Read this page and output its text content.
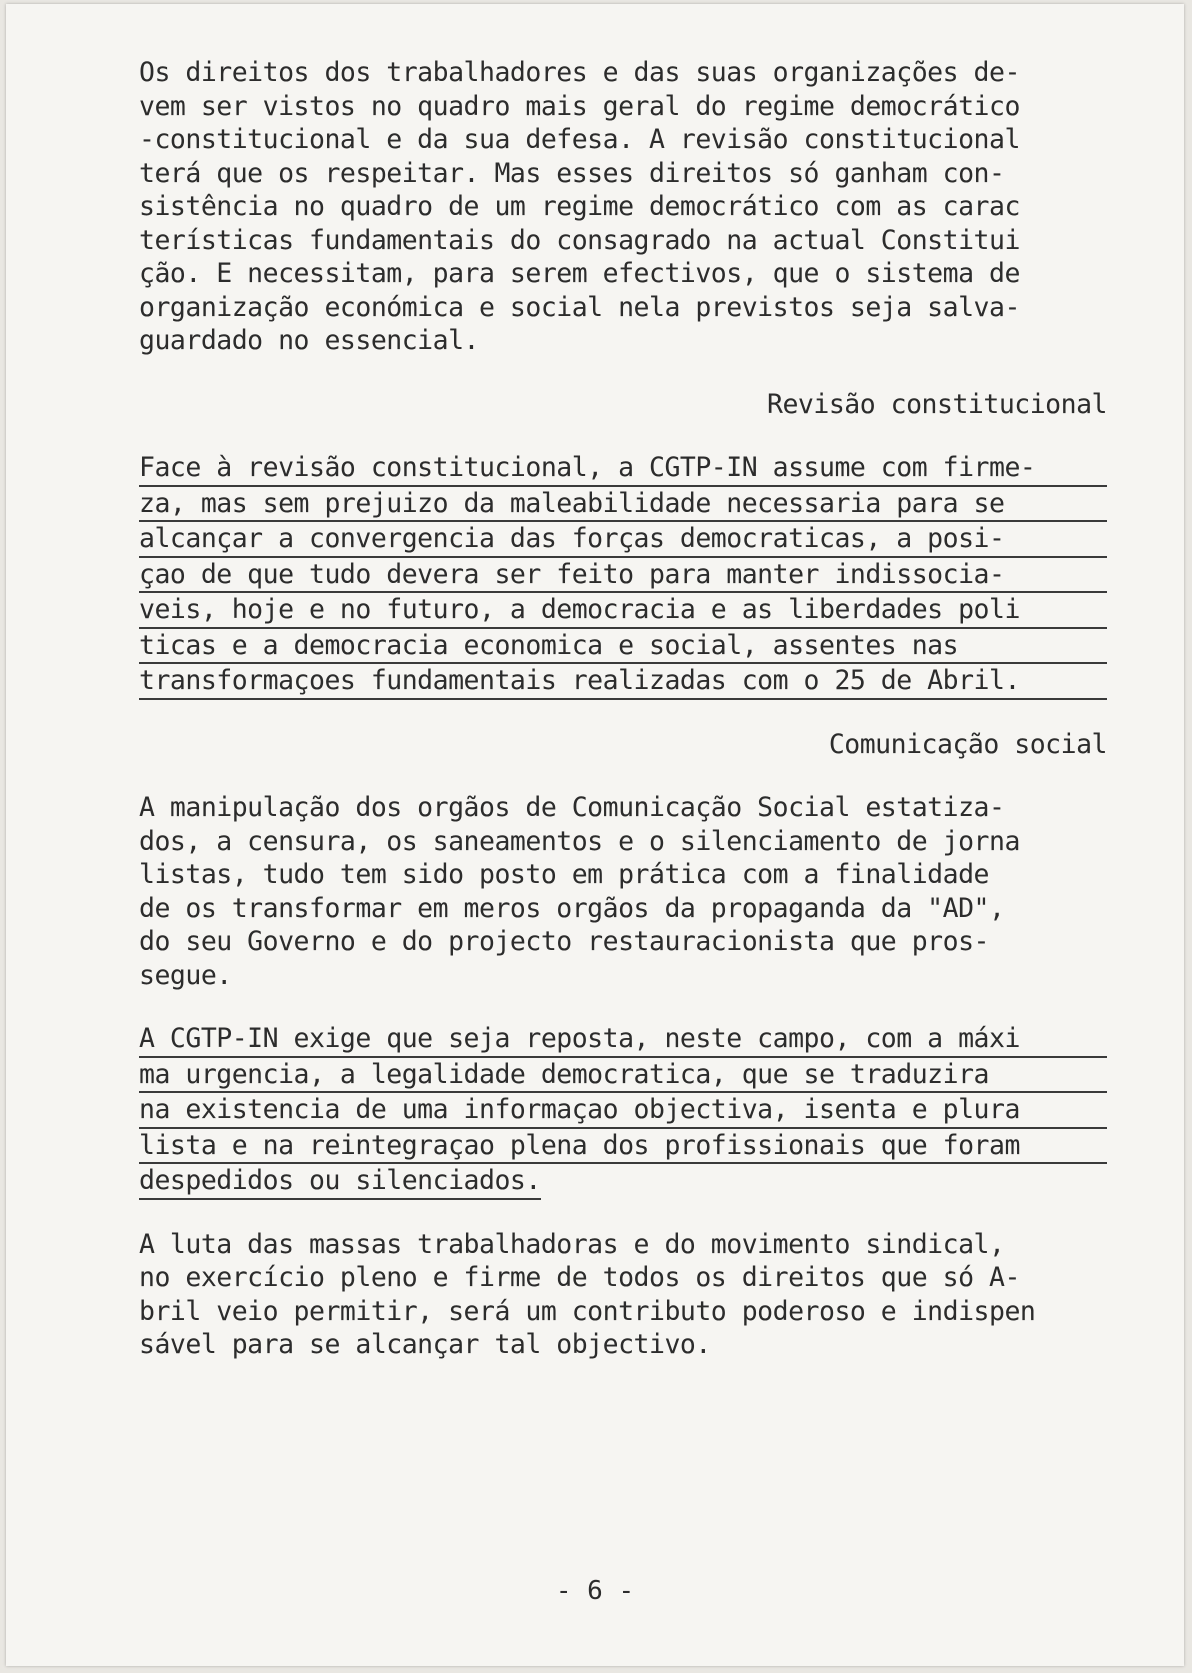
Os direitos dos trabalhadores e das suas organizações de-

vem ser vistos no quadro mais geral do regime democrático

-constitucional e da sua defesa. A revisão constitucional

terá que os respeitar. Mas esses direitos só ganham con-

sistência no quadro de um regime democrático com as carac

terísticas fundamentais do consagrado na actual Constitui

ção. E necessitam, para serem efectivos, que o sistema de

organização económica e social nela previstos seja salva-

guardado no essencial.

Revisão constitucional

Face à revisão constitucional, a CGTP-IN assume com firme-

za, mas sem prejuizo da maleabilidade necessaria para se

alcançar a convergencia das forças democraticas, a posi-

çao de que tudo devera ser feito para manter indissocia-

veis, hoje e no futuro, a democracia e as liberdades poli

ticas e a democracia economica e social, assentes nas

transformaçoes fundamentais realizadas com o 25 de Abril.

Comunicação social

A manipulação dos orgãos de Comunicação Social estatiza-

dos, a censura, os saneamentos e o silenciamento de jorna

listas, tudo tem sido posto em prática com a finalidade

de os transformar em meros orgãos da propaganda da "AD",

do seu Governo e do projecto restauracionista que pros-

segue.

A CGTP-IN exige que seja reposta, neste campo, com a máxi

ma urgencia, a legalidade democratica, que se traduzira

na existencia de uma informaçao objectiva, isenta e plura

lista e na reintegraçao plena dos profissionais que foram

despedidos ou silenciados.

A luta das massas trabalhadoras e do movimento sindical,

no exercício pleno e firme de todos os direitos que só A-

bril veio permitir, será um contributo poderoso e indispen

sável para se alcançar tal objectivo.

- 6 -
